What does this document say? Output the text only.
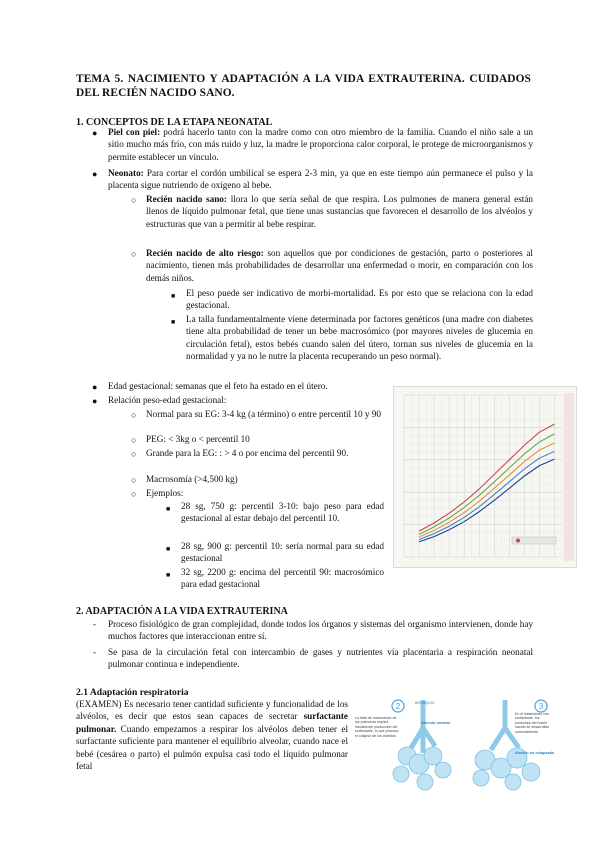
TEMA 5. NACIMIENTO Y ADAPTACIÓN A LA VIDA EXTRAUTERINA. CUIDADOS DEL RECIÉN NACIDO SANO.
1. CONCEPTOS DE LA ETAPA NEONATAL
● Piel con piel: podrá hacerlo tanto con la madre como con otro miembro de la familia. Cuando el niño sale a un sitio mucho más frío, con más ruido y luz, la madre le proporciona calor corporal, le protege de microorganismos y permite establecer un vínculo.
● Neonato: Para cortar el cordón umbilical se espera 2-3 min, ya que en este tiempo aún permanece el pulso y la placenta sigue nutriendo de oxígeno al bebe.
○ Recién nacido sano: llora lo que sería señal de que respira. Los pulmones de manera general están llenos de líquido pulmonar fetal, que tiene unas sustancias que favorecen el desarrollo de los alvéolos y estructuras que van a permitir al bebe respirar.
○ Recién nacido de alto riesgo: son aquellos que por condiciones de gestación, parto o posteriores al nacimiento, tienen más probabilidades de desarrollar una enfermedad o morir, en comparación con los demás niños.
■ El peso puede ser indicativo de morbi-mortalidad. Es por esto que se relaciona con la edad gestacional.
■ La talla fundamentalmente viene determinada por factores genéticos (una madre con diabetes tiene alta probabilidad de tener un bebe macrosómico (por mayores niveles de glucemia en circulación fetal), estos bebés cuando salen del útero, tornan sus niveles de glucemia en la normalidad y ya no le nutre la placenta recuperando un peso normal).
● Edad gestacional: semanas que el feto ha estado en el útero.
● Relación peso-edad gestacional:
○ Normal para su EG: 3-4 kg (a término) o entre percentil 10 y 90
○ PEG: < 3kg o < percentil 10
○ Grande para la EG: : > 4 o por encima del percentil 90.
○ Macrosomía (>4,500 kg)
○ Ejemplos:
■ 28 sg, 750 g: percentil 3-10: bajo peso para edad gestacional al estar debajo del percentil 10.
■ 28 sg, 900 g: percentil 10: sería normal para su edad gestacional
■ 32 sg, 2200 g: encima del percentil 90: macrosómico para edad gestacional
2. ADAPTACIÓN A LA VIDA EXTRAUTERINA
- Proceso fisiológico de gran complejidad, donde todos los órganos y sistemas del organismo intervienen, donde hay muchos factores que interaccionan entre sí.
- Se pasa de la circulación fetal con intercambio de gases y nutrientes vía placentaria a respiración neonatal pulmonar continua e independiente.
2.1 Adaptación respiratoria
(EXAMEN) Es necesario tener cantidad suficiente y funcionalidad de los alvéolos, es decir que estos sean capaces de secretar surfactante pulmonar. Cuando empezamos a respirar los alvéolos deben tener el surfactante suficiente para mantener el equilibrio alveolar, cuando nace el bebé (cesárea o parto) el pulmón expulsa casi todo el líquido pulmonar fetal
2	3
BRONQUIO
Alvéolo normal
La falta de maduración de los pulmones implica insuficiente producción del surfactante, lo que provoca el colapso de los alvéolos.
En el tratamiento con surfactante, los pulmones del recién nacido se desarrollan correctamente.
Alvéolo no colapsado
